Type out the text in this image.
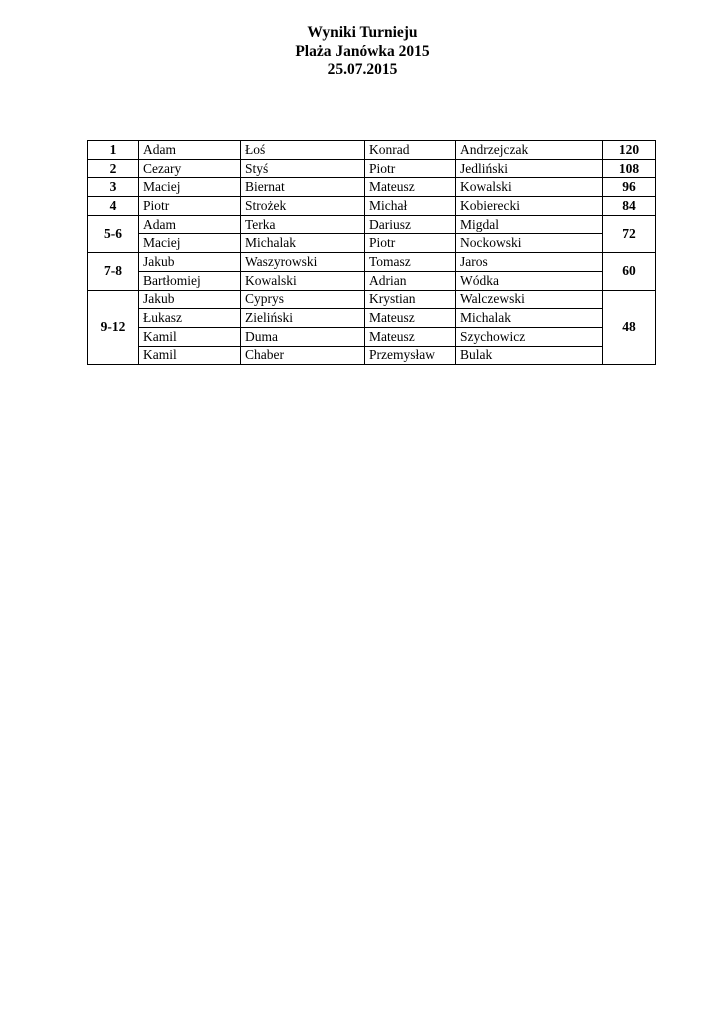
Wyniki Turnieju
Plaża Janówka 2015
25.07.2015
1	Adam	Łoś	Konrad	Andrzejczak	120
2	Cezary	Styś	Piotr	Jedliński	108
3	Maciej	Biernat	Mateusz	Kowalski	96
4	Piotr	Strożek	Michał	Kobierecki	84
5-6	Adam	Terka	Dariusz	Migdal	72
	Maciej	Michalak	Piotr	Nockowski	
7-8	Jakub	Waszyrowski	Tomasz	Jaros	60
	Bartłomiej	Kowalski	Adrian	Wódka	
9-12	Jakub	Cyprys	Krystian	Walczewski	48
	Łukasz	Zieliński	Mateusz	Michalak	
	Kamil	Duma	Mateusz	Szychowicz	
	Kamil	Chaber	Przemysław	Bulak	
